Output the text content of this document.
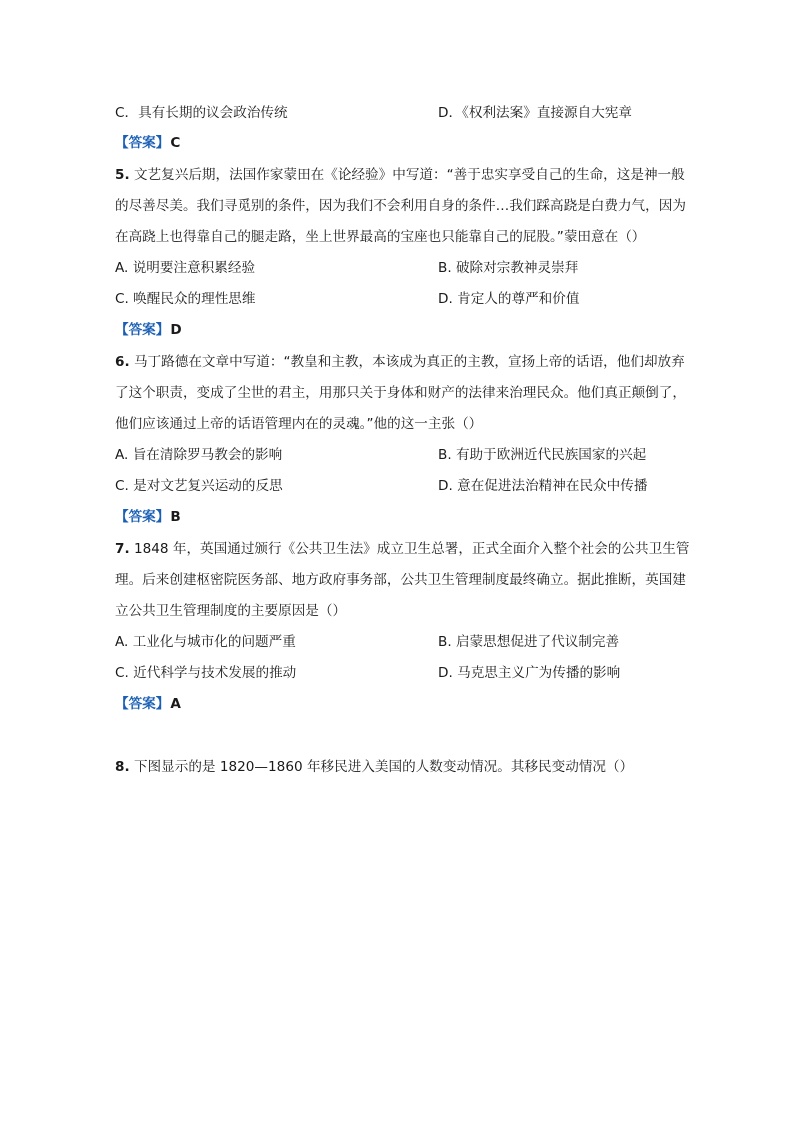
C．具有长期的议会政治传统	D．《权利法案》直接源自大宪章
【答案】C
5. 文艺复兴后期，法国作家蒙田在《论经验》中写道：“善于忠实享受自己的生命，这是神一般
的尽善尽美。我们寻觅别的条件，因为我们不会利用自身的条件…我们踩高跷是白费力气，因为
在高跷上也得靠自己的腿走路，坐上世界最高的宝座也只能靠自己的屁股。”蒙田意在（）
A. 说明要注意积累经验	B. 破除对宗教神灵崇拜
C. 唤醒民众的理性思维	D. 肯定人的尊严和价值
【答案】D
6. 马丁路德在文章中写道：“教皇和主教，本该成为真正的主教，宣扬上帝的话语，他们却放弃
了这个职责，变成了尘世的君主，用那只关于身体和财产的法律来治理民众。他们真正颠倒了，
他们应该通过上帝的话语管理内在的灵魂。”他的这一主张（）
A. 旨在清除罗马教会的影响	B. 有助于欧洲近代民族国家的兴起
C. 是对文艺复兴运动的反思	D. 意在促进法治精神在民众中传播
【答案】B
7. 1848 年，英国通过颁行《公共卫生法》成立卫生总署，正式全面介入整个社会的公共卫生管
理。后来创建枢密院医务部、地方政府事务部，公共卫生管理制度最终确立。据此推断，英国建
立公共卫生管理制度的主要原因是（）
A. 工业化与城市化的问题严重	B. 启蒙思想促进了代议制完善
C. 近代科学与技术发展的推动	D. 马克思主义广为传播的影响
【答案】A
8. 下图显示的是 1820—1860 年移民进入美国的人数变动情况。其移民变动情况（）
